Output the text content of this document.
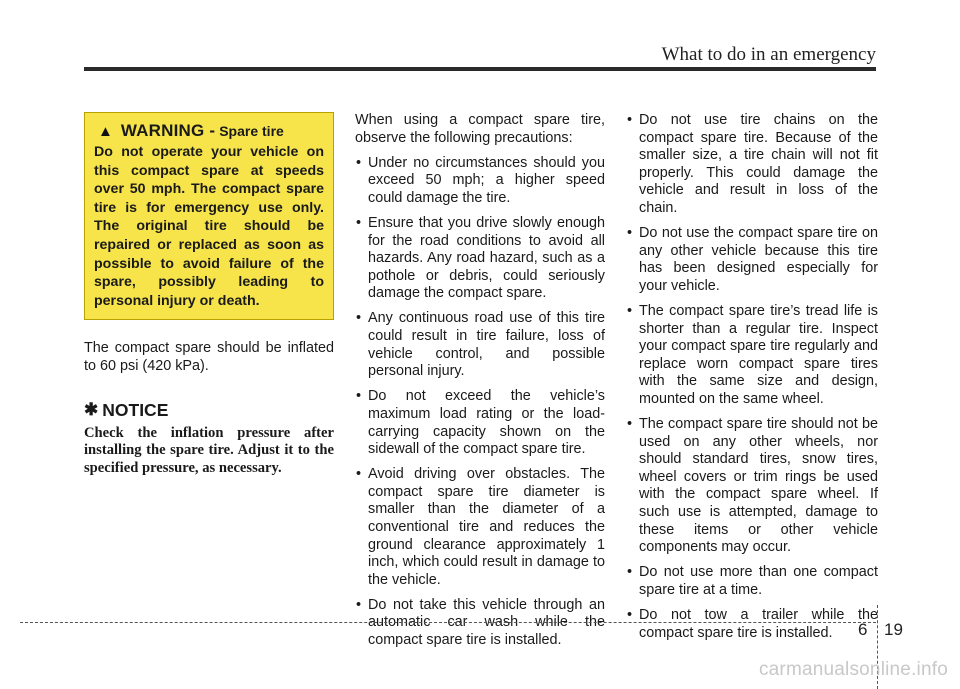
What to do in an emergency
▲ WARNING - Spare tire
Do not operate your vehicle on this compact spare at speeds over 50 mph. The compact spare tire is for emergency use only. The original tire should be repaired or replaced as soon as possible to avoid failure of the spare, possibly leading to personal injury or death.

The compact spare should be inflated to 60 psi (420 kPa).

✱ NOTICE
Check the inflation pressure after installing the spare tire. Adjust it to the specified pressure, as necessary.

When using a compact spare tire, observe the following precautions:

• Under no circumstances should you exceed 50 mph; a higher speed could damage the tire.
• Ensure that you drive slowly enough for the road conditions to avoid all hazards. Any road hazard, such as a pothole or debris, could seriously damage the compact spare.
• Any continuous road use of this tire could result in tire failure, loss of vehicle control, and possible personal injury.
• Do not exceed the vehicle’s maximum load rating or the load-carrying capacity shown on the sidewall of the compact spare tire.
• Avoid driving over obstacles. The compact spare tire diameter is smaller than the diameter of a conventional tire and reduces the ground clearance approximately 1 inch, which could result in damage to the vehicle.
• Do not take this vehicle through an automatic car wash while the compact spare tire is installed.
• Do not use tire chains on the compact spare tire. Because of the smaller size, a tire chain will not fit properly. This could damage the vehicle and result in loss of the chain.
• Do not use the compact spare tire on any other vehicle because this tire has been designed especially for your vehicle.
• The compact spare tire’s tread life is shorter than a regular tire. Inspect your compact spare tire regularly and replace worn compact spare tires with the same size and design, mounted on the same wheel.
• The compact spare tire should not be used on any other wheels, nor should standard tires, snow tires, wheel covers or trim rings be used with the compact spare wheel. If such use is attempted, damage to these items or other vehicle components may occur.
• Do not use more than one compact spare tire at a time.
• Do not tow a trailer while the compact spare tire is installed.	6 19
carmanualsonline.info
